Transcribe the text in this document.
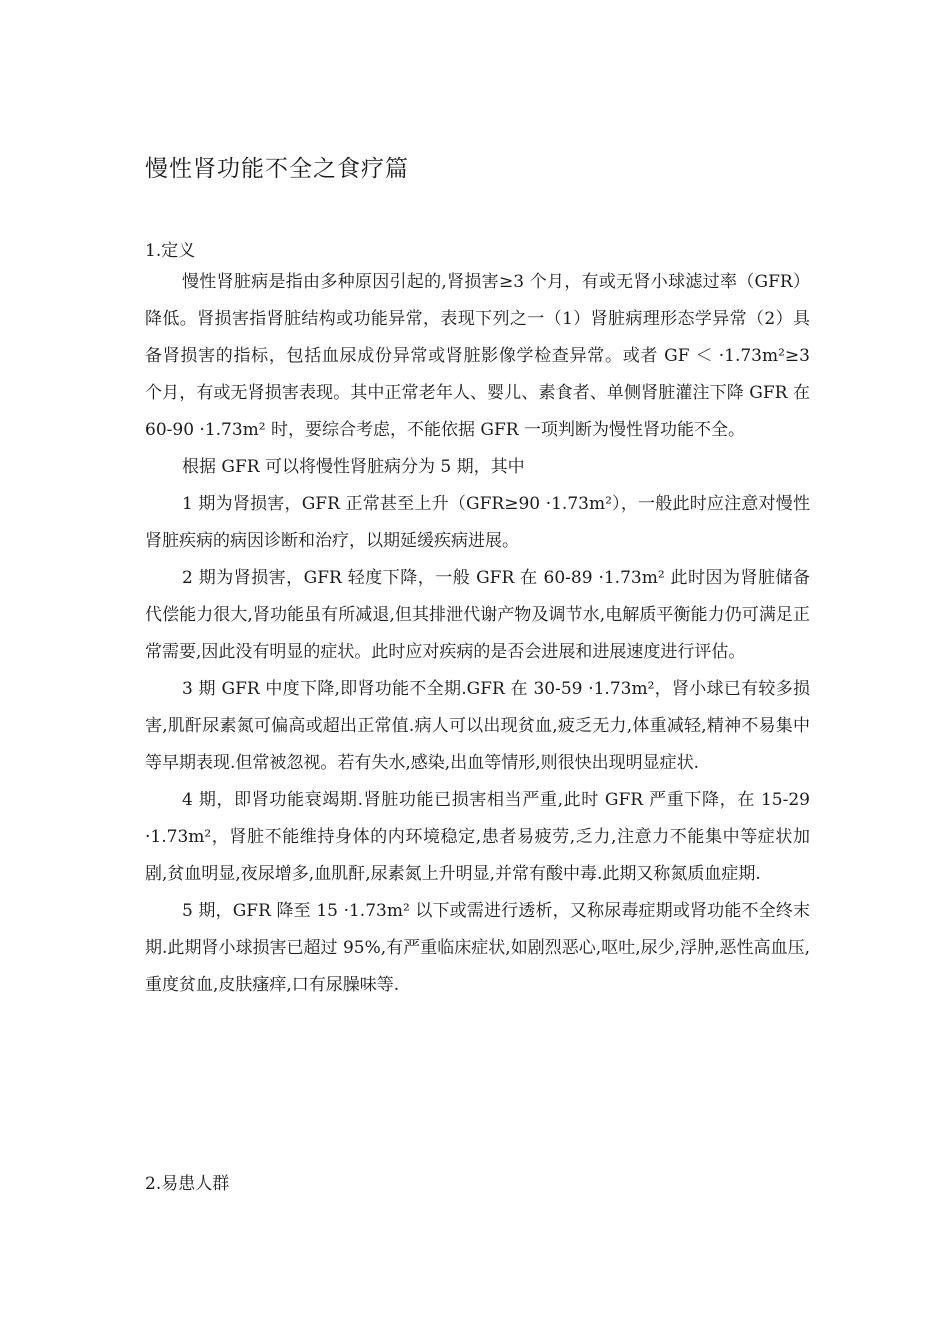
慢性肾功能不全之食疗篇

1.定义

慢性肾脏病是指由多种原因引起的,肾损害≥3 个月，有或无肾小球滤过率（GFR）降低。肾损害指肾脏结构或功能异常，表现下列之一（1）肾脏病理形态学异常（2）具备肾损害的指标，包括血尿成份异常或肾脏影像学检查异常。或者 GF ＜ ·1.73m²≥3 个月，有或无肾损害表现。其中正常老年人、婴儿、素食者、单侧肾脏灌注下降 GFR 在 60-90 ·1.73m² 时，要综合考虑，不能依据 GFR 一项判断为慢性肾功能不全。

根据 GFR 可以将慢性肾脏病分为 5 期，其中

1 期为肾损害，GFR 正常甚至上升（GFR≥90 ·1.73m²），一般此时应注意对慢性肾脏疾病的病因诊断和治疗，以期延缓疾病进展。

2 期为肾损害，GFR 轻度下降，一般 GFR 在 60-89 ·1.73m² 此时因为肾脏储备代偿能力很大,肾功能虽有所减退,但其排泄代谢产物及调节水,电解质平衡能力仍可满足正常需要,因此没有明显的症状。此时应对疾病的是否会进展和进展速度进行评估。

3 期 GFR 中度下降,即肾功能不全期.GFR 在 30-59 ·1.73m²，肾小球已有较多损害,肌酐尿素氮可偏高或超出正常值.病人可以出现贫血,疲乏无力,体重减轻,精神不易集中等早期表现.但常被忽视。若有失水,感染,出血等情形,则很快出现明显症状.

4 期，即肾功能衰竭期.肾脏功能已损害相当严重,此时 GFR 严重下降，在 15-29 ·1.73m²，肾脏不能维持身体的内环境稳定,患者易疲劳,乏力,注意力不能集中等症状加剧,贫血明显,夜尿增多,血肌酐,尿素氮上升明显,并常有酸中毒.此期又称氮质血症期.

5 期，GFR 降至 15 ·1.73m² 以下或需进行透析，又称尿毒症期或肾功能不全终末期.此期肾小球损害已超过 95%,有严重临床症状,如剧烈恶心,呕吐,尿少,浮肿,恶性高血压,重度贫血,皮肤瘙痒,口有尿臊味等.

2.易患人群
